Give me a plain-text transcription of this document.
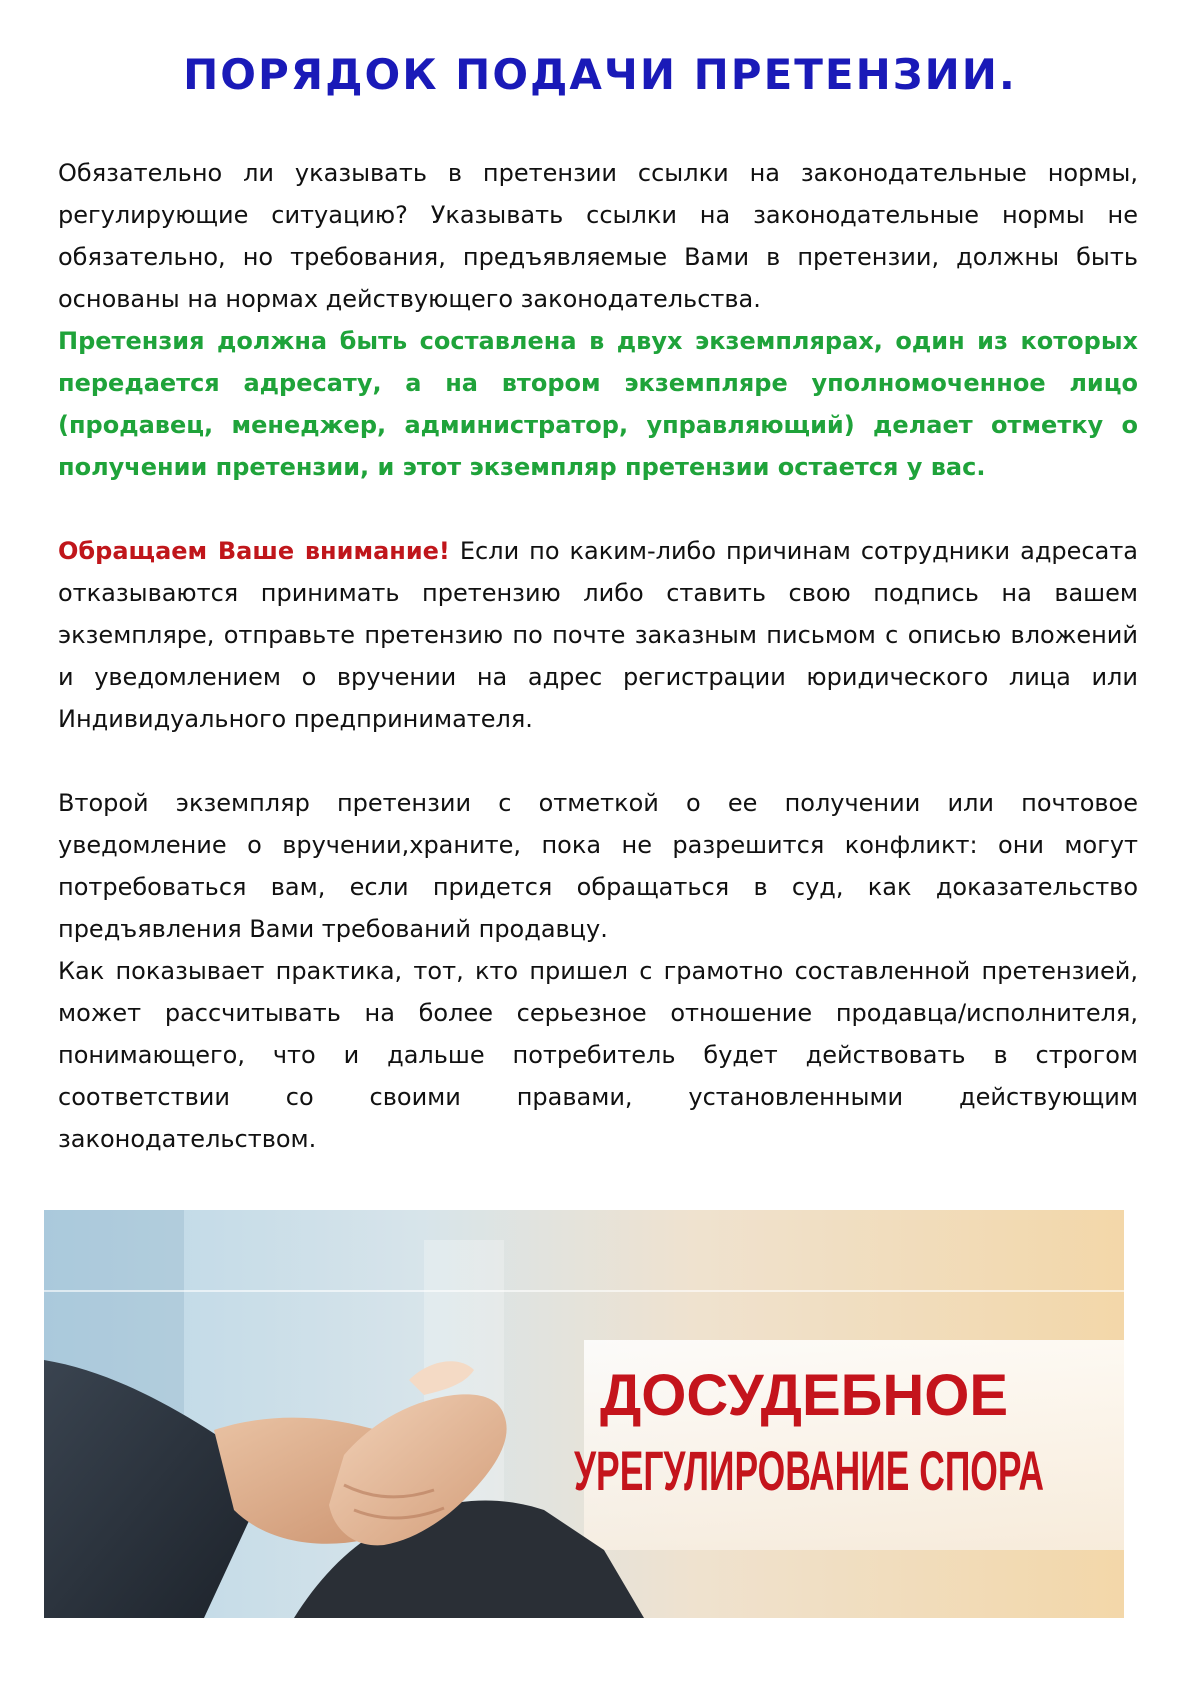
ПОРЯДОК ПОДАЧИ ПРЕТЕНЗИИ.

Обязательно ли указывать в претензии ссылки на законодательные нормы, регулирующие ситуацию? Указывать ссылки на законодательные нормы не обязательно, но требования, предъявляемые Вами в претензии, должны быть основаны на нормах действующего законодательства.

Претензия должна быть составлена в двух экземплярах, один из которых передается адресату, а на втором экземпляре уполномоченное лицо (продавец, менеджер, администратор, управляющий) делает отметку о получении претензии, и этот экземпляр претензии остается у вас.

Обращаем Ваше внимание! Если по каким-либо причинам сотрудники адресата отказываются принимать претензию либо ставить свою подпись на вашем экземпляре, отправьте претензию по почте заказным письмом с описью вложений и уведомлением о вручении на адрес регистрации юридического лица или Индивидуального предпринимателя.

Второй экземпляр претензии с отметкой о ее получении или почтовое уведомление о вручении,храните, пока не разрешится конфликт: они могут потребоваться вам, если придется обращаться в суд, как доказательство предъявления Вами требований продавцу.

Как показывает практика, тот, кто пришел с грамотно составленной претензией, может рассчитывать на более серьезное отношение продавца/исполнителя, понимающего, что и дальше потребитель будет действовать в строгом соответствии со своими правами, установленными действующим законодательством.

ДОСУДЕБНОЕ
УРЕГУЛИРОВАНИЕ СПОРА
